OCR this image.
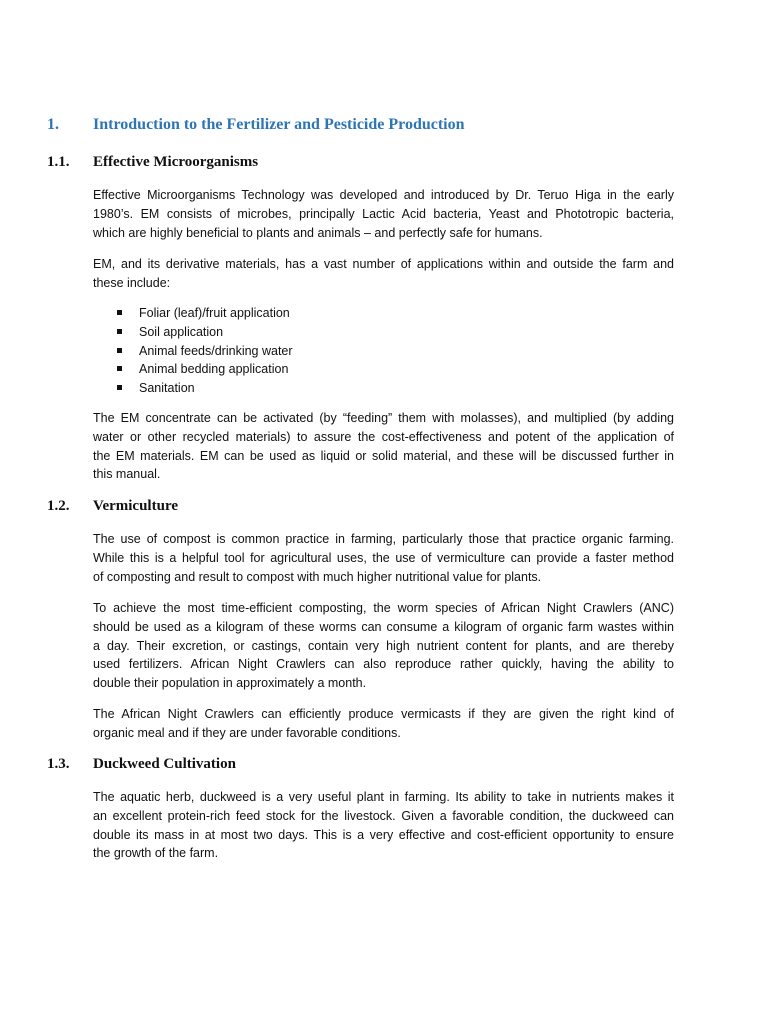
1. Introduction to the Fertilizer and Pesticide Production
1.1. Effective Microorganisms
Effective Microorganisms Technology was developed and introduced by Dr. Teruo Higa in the early
1980’s. EM consists of microbes, principally Lactic Acid bacteria, Yeast and Phototropic bacteria,
which are highly beneficial to plants and animals – and perfectly safe for humans.
EM, and its derivative materials, has a vast number of applications within and outside the farm and
these include:
Foliar (leaf)/fruit application
Soil application
Animal feeds/drinking water
Animal bedding application
Sanitation
The EM concentrate can be activated (by “feeding” them with molasses), and multiplied (by adding
water or other recycled materials) to assure the cost-effectiveness and potent of the application of
the EM materials. EM can be used as liquid or solid material, and these will be discussed further in
this manual.
1.2. Vermiculture
The use of compost is common practice in farming, particularly those that practice organic farming.
While this is a helpful tool for agricultural uses, the use of vermiculture can provide a faster method
of composting and result to compost with much higher nutritional value for plants.
To achieve the most time-efficient composting, the worm species of African Night Crawlers (ANC)
should be used as a kilogram of these worms can consume a kilogram of organic farm wastes within
a day. Their excretion, or castings, contain very high nutrient content for plants, and are thereby
used fertilizers. African Night Crawlers can also reproduce rather quickly, having the ability to
double their population in approximately a month.
The African Night Crawlers can efficiently produce vermicasts if they are given the right kind of
organic meal and if they are under favorable conditions.
1.3. Duckweed Cultivation
The aquatic herb, duckweed is a very useful plant in farming. Its ability to take in nutrients makes it
an excellent protein-rich feed stock for the livestock. Given a favorable condition, the duckweed can
double its mass in at most two days. This is a very effective and cost-efficient opportunity to ensure
the growth of the farm.
